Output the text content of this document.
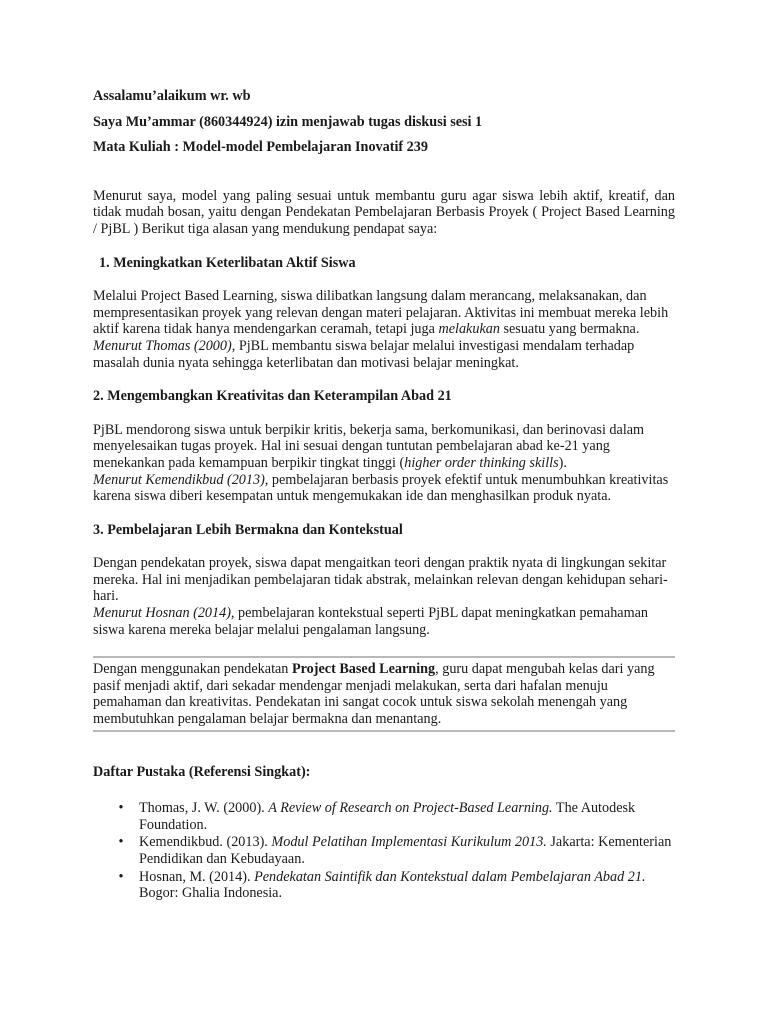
Assalamu’alaikum wr. wb

Saya Mu’ammar (860344924) izin menjawab tugas diskusi sesi 1

Mata Kuliah : Model-model Pembelajaran Inovatif 239

Menurut saya, model yang paling sesuai untuk membantu guru agar siswa lebih aktif, kreatif, dan tidak mudah bosan, yaitu dengan Pendekatan Pembelajaran Berbasis Proyek ( Project Based Learning / PjBL ) Berikut tiga alasan yang mendukung pendapat saya:

1. Meningkatkan Keterlibatan Aktif Siswa

Melalui Project Based Learning, siswa dilibatkan langsung dalam merancang, melaksanakan, dan mempresentasikan proyek yang relevan dengan materi pelajaran. Aktivitas ini membuat mereka lebih aktif karena tidak hanya mendengarkan ceramah, tetapi juga melakukan sesuatu yang bermakna.

Menurut Thomas (2000), PjBL membantu siswa belajar melalui investigasi mendalam terhadap masalah dunia nyata sehingga keterlibatan dan motivasi belajar meningkat.

2. Mengembangkan Kreativitas dan Keterampilan Abad 21

PjBL mendorong siswa untuk berpikir kritis, bekerja sama, berkomunikasi, dan berinovasi dalam menyelesaikan tugas proyek. Hal ini sesuai dengan tuntutan pembelajaran abad ke-21 yang menekankan pada kemampuan berpikir tingkat tinggi (higher order thinking skills).

Menurut Kemendikbud (2013), pembelajaran berbasis proyek efektif untuk menumbuhkan kreativitas karena siswa diberi kesempatan untuk mengemukakan ide dan menghasilkan produk nyata.

3. Pembelajaran Lebih Bermakna dan Kontekstual

Dengan pendekatan proyek, siswa dapat mengaitkan teori dengan praktik nyata di lingkungan sekitar mereka. Hal ini menjadikan pembelajaran tidak abstrak, melainkan relevan dengan kehidupan sehari-hari.

Menurut Hosnan (2014), pembelajaran kontekstual seperti PjBL dapat meningkatkan pemahaman siswa karena mereka belajar melalui pengalaman langsung.

Dengan menggunakan pendekatan Project Based Learning, guru dapat mengubah kelas dari yang pasif menjadi aktif, dari sekadar mendengar menjadi melakukan, serta dari hafalan menuju pemahaman dan kreativitas. Pendekatan ini sangat cocok untuk siswa sekolah menengah yang membutuhkan pengalaman belajar bermakna dan menantang.

Daftar Pustaka (Referensi Singkat):

• Thomas, J. W. (2000). A Review of Research on Project-Based Learning. The Autodesk Foundation.
• Kemendikbud. (2013). Modul Pelatihan Implementasi Kurikulum 2013. Jakarta: Kementerian Pendidikan dan Kebudayaan.
• Hosnan, M. (2014). Pendekatan Saintifik dan Kontekstual dalam Pembelajaran Abad 21. Bogor: Ghalia Indonesia.
